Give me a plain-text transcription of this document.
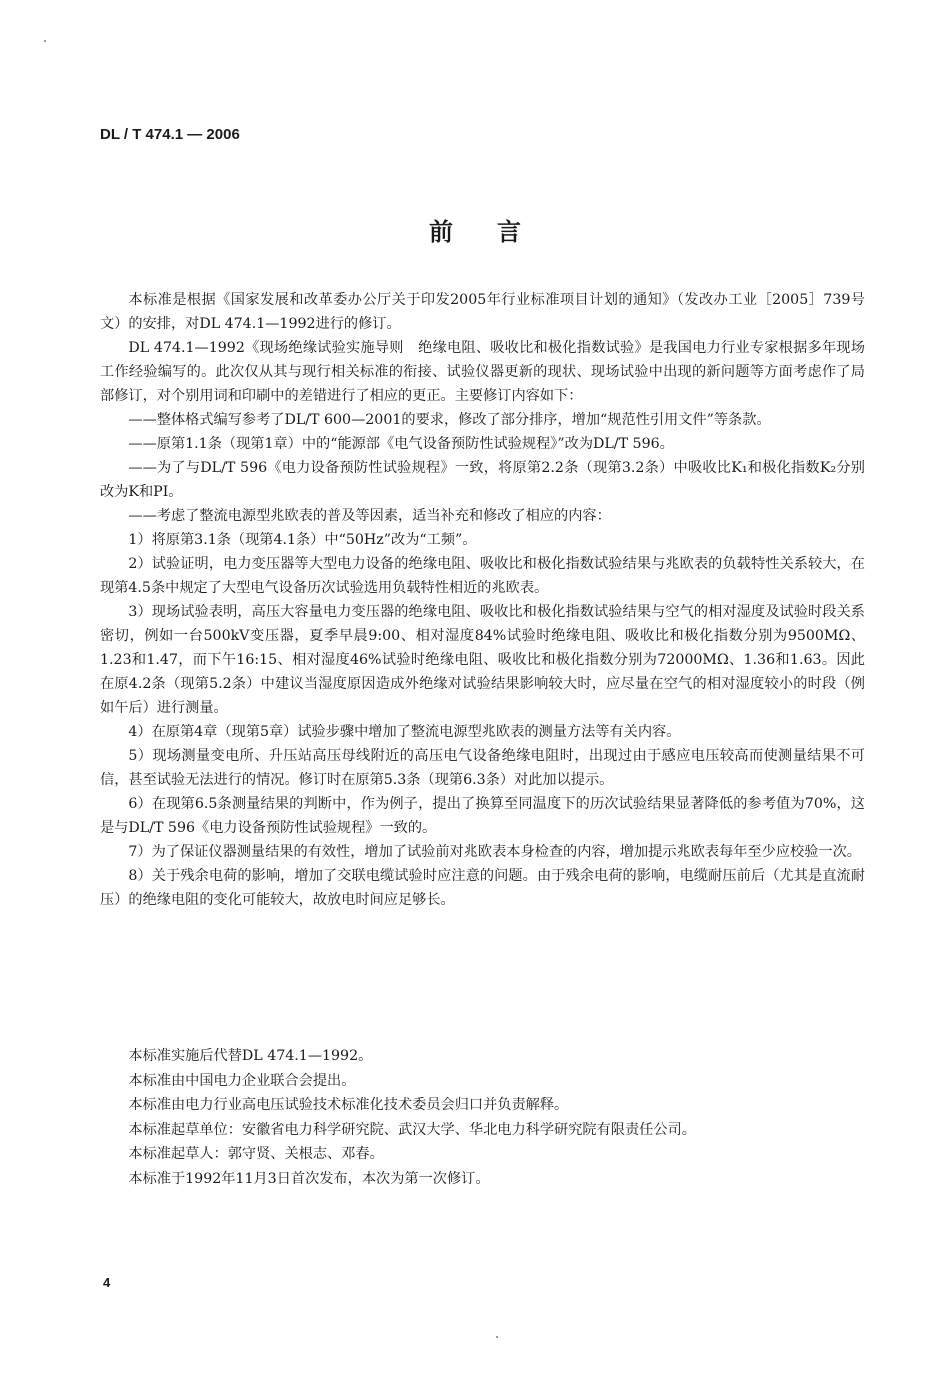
DL / T 474.1 — 2006
前言

本标准是根据《国家发展和改革委办公厅关于印发2005年行业标准项目计划的通知》（发改办工业［2005］739号文）的安排，对DL 474.1—1992进行的修订。

DL 474.1—1992《现场绝缘试验实施导则　绝缘电阻、吸收比和极化指数试验》是我国电力行业专家根据多年现场工作经验编写的。此次仅从其与现行相关标准的衔接、试验仪器更新的现状、现场试验中出现的新问题等方面考虑作了局部修订，对个别用词和印刷中的差错进行了相应的更正。主要修订内容如下：

——整体格式编写参考了DL/T 600—2001的要求，修改了部分排序，增加“规范性引用文件”等条款。

——原第1.1条（现第1章）中的“能源部《电气设备预防性试验规程》”改为DL/T 596。

——为了与DL/T 596《电力设备预防性试验规程》一致，将原第2.2条（现第3.2条）中吸收比K₁和极化指数K₂分别改为K和PI。

——考虑了整流电源型兆欧表的普及等因素，适当补充和修改了相应的内容：

1）将原第3.1条（现第4.1条）中“50Hz”改为“工频”。

2）试验证明，电力变压器等大型电力设备的绝缘电阻、吸收比和极化指数试验结果与兆欧表的负载特性关系较大，在现第4.5条中规定了大型电气设备历次试验选用负载特性相近的兆欧表。

3）现场试验表明，高压大容量电力变压器的绝缘电阻、吸收比和极化指数试验结果与空气的相对湿度及试验时段关系密切，例如一台500kV变压器，夏季早晨9:00、相对湿度84%试验时绝缘电阻、吸收比和极化指数分别为9500MΩ、1.23和1.47，而下午16:15、相对湿度46%试验时绝缘电阻、吸收比和极化指数分别为72000MΩ、1.36和1.63。因此在原4.2条（现第5.2条）中建议当湿度原因造成外绝缘对试验结果影响较大时，应尽量在空气的相对湿度较小的时段（例如午后）进行测量。

4）在原第4章（现第5章）试验步骤中增加了整流电源型兆欧表的测量方法等有关内容。

5）现场测量变电所、升压站高压母线附近的高压电气设备绝缘电阻时，出现过由于感应电压较高而使测量结果不可信，甚至试验无法进行的情况。修订时在原第5.3条（现第6.3条）对此加以提示。

6）在现第6.5条测量结果的判断中，作为例子，提出了换算至同温度下的历次试验结果显著降低的参考值为70%，这是与DL/T 596《电力设备预防性试验规程》一致的。

7）为了保证仪器测量结果的有效性，增加了试验前对兆欧表本身检查的内容，增加提示兆欧表每年至少应校验一次。

8）关于残余电荷的影响，增加了交联电缆试验时应注意的问题。由于残余电荷的影响，电缆耐压前后（尤其是直流耐压）的绝缘电阻的变化可能较大，故放电时间应足够长。

本标准实施后代替DL 474.1—1992。

本标准由中国电力企业联合会提出。

本标准由电力行业高电压试验技术标准化技术委员会归口并负责解释。

本标准起草单位：安徽省电力科学研究院、武汉大学、华北电力科学研究院有限责任公司。

本标准起草人：郭守贤、关根志、邓春。

本标准于1992年11月3日首次发布，本次为第一次修订。

4
